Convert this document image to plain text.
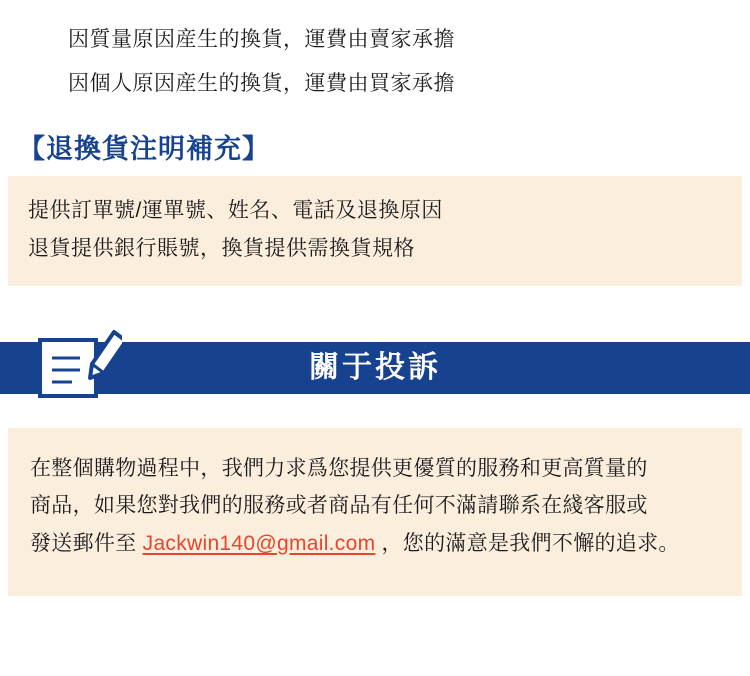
因質量原因産生的換貨，運費由賣家承擔
因個人原因産生的換貨，運費由買家承擔
【退換貨注明補充】
提供訂單號/運單號、姓名、電話及退換原因
退貨提供銀行賬號，換貨提供需換貨規格
關于投訴
在整個購物過程中，我們力求爲您提供更優質的服務和更高質量的
商品，如果您對我們的服務或者商品有任何不滿請聯系在綫客服或
發送郵件至 Jackwin140@gmail.com ，您的滿意是我們不懈的追求。
